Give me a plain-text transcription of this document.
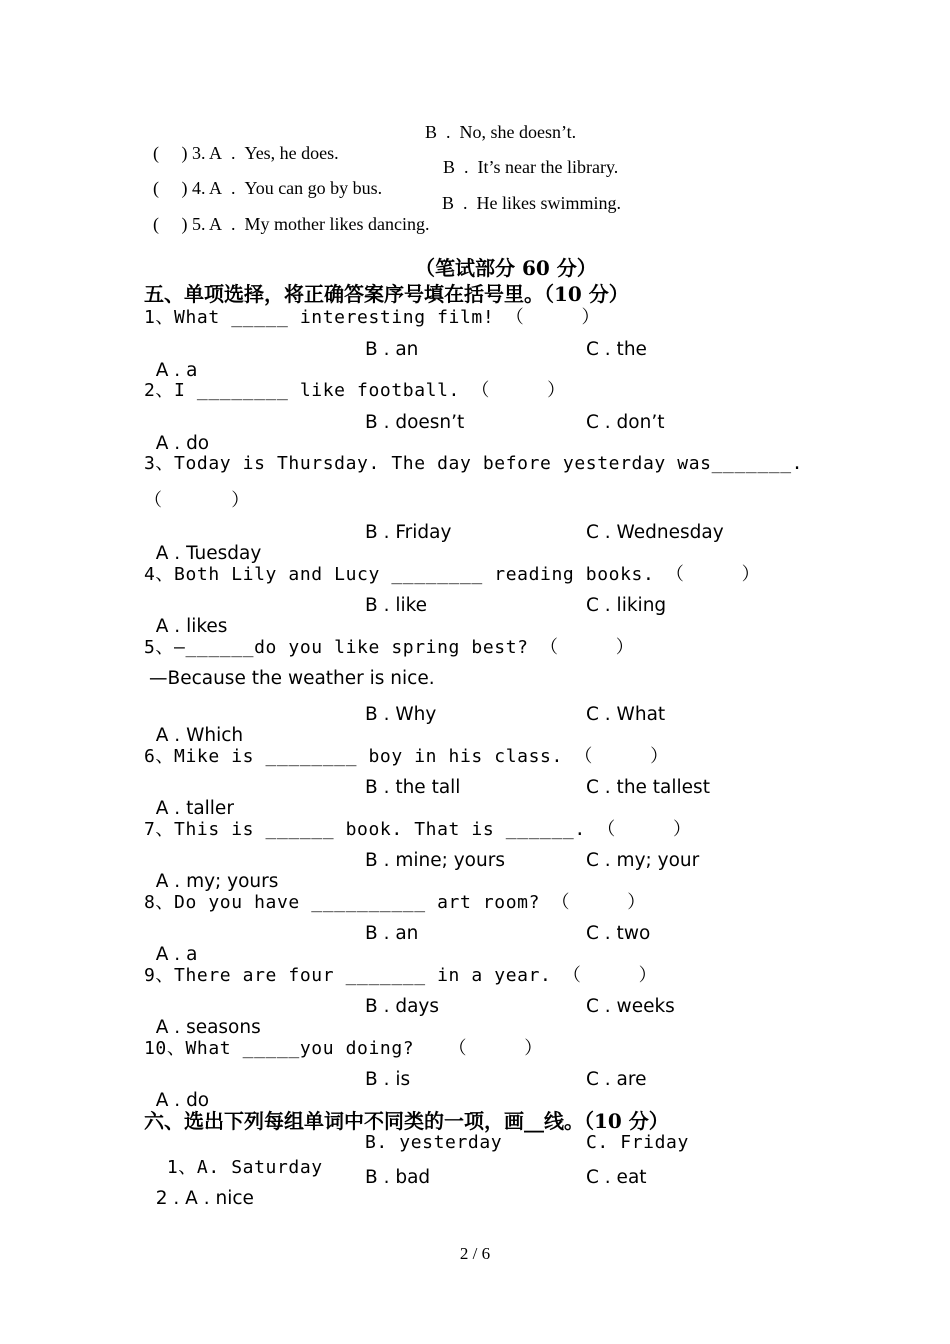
(     ) 3. A . Yes, he does.

B . No, she doesn’t.

(     ) 4. A . You can go by bus.

B . It’s near the library.

(     ) 5. A . My mother likes dancing.

B . He likes swimming.

（笔试部分 60 分）
五、单项选择，将正确答案序号填在括号里。（10 分）
1、What _____ interesting film! （     ）

A . a

B . an

	C . the

2、I ________ like football. （     ）

A . do

B . doesn’t

	C . don’t

3、Today is Thursday. The day before yesterday was_______.
（      ）

A . Tuesday

B . Friday

	C . Wednesday

4、Both Lily and Lucy ________ reading books. （     ）

A . likes

B . like

	C . liking

5、—______do you like spring best? （     ）
—Because the weather is nice.

A . Which

B . Why

	C . What

6、Mike is ________ boy in his class. （     ）

A . taller

B . the tall

	C . the tallest

7、This is ______ book. That is ______. （     ）

A . my; yours

B . mine; yours

	C . my; your

8、Do you have __________ art room? （     ）

A . a

B . an

	C . two

9、There are four _______ in a year. （     ）

A . seasons

B . days

	C . weeks

10、What _____you doing?   （     ）

A . do

B . is

	C . are

六、选出下列每组单词中不同类的一项，画__线。（10 分）

1、A. Saturday

B. yesterday

	C. Friday

2 . A . nice

B . bad

	C . eat

2 / 6
